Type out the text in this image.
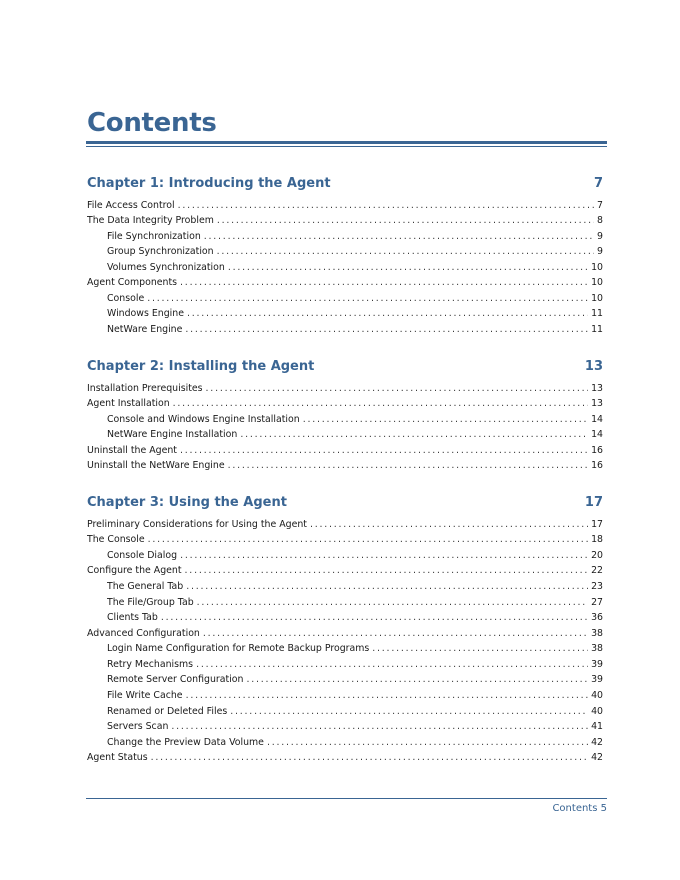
Contents
Chapter 1: Introducing the Agent	7
File Access Control . . .	7
The Data Integrity Problem . . .	8
File Synchronization . . .	9
Group Synchronization . . .	9
Volumes Synchronization . . .	10
Agent Components . . .	10
Console . . .	10
Windows Engine . . .	11
NetWare Engine . . .	11
Chapter 2: Installing the Agent	13
Installation Prerequisites . . .	13
Agent Installation . . .	13
Console and Windows Engine Installation . . .	14
NetWare Engine Installation . . .	14
Uninstall the Agent . . .	16
Uninstall the NetWare Engine . . .	16
Chapter 3: Using the Agent	17
Preliminary Considerations for Using the Agent . . .	17
The Console . . .	18
Console Dialog . . .	20
Configure the Agent . . .	22
The General Tab . . .	23
The File/Group Tab . . .	27
Clients Tab . . .	36
Advanced Configuration . . .	38
Login Name Configuration for Remote Backup Programs . . .	38
Retry Mechanisms . . .	39
Remote Server Configuration . . .	39
File Write Cache . . .	40
Renamed or Deleted Files . . .	40
Servers Scan . . .	41
Change the Preview Data Volume . . .	42
Agent Status . . .	42
Contents 5
